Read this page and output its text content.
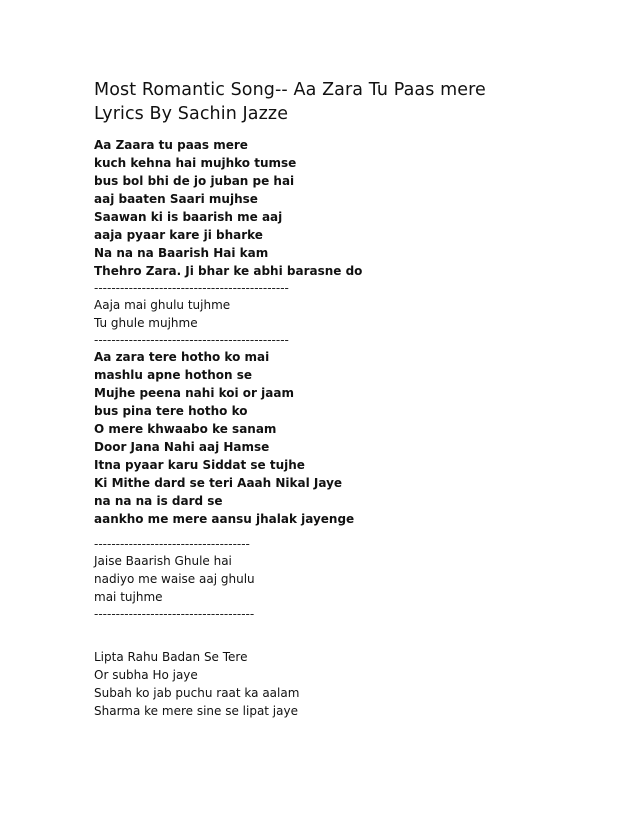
Most Romantic Song-- Aa Zara Tu Paas mere
Lyrics By Sachin Jazze
Aa Zaara tu paas mere
kuch kehna hai mujhko tumse
bus bol bhi de jo juban pe hai
aaj baaten Saari mujhse
Saawan ki is baarish me aaj
aaja pyaar kare ji bharke
Na na na Baarish Hai kam
Thehro Zara. Ji bhar ke abhi barasne do
---------------------------------------------
Aaja mai ghulu tujhme
Tu ghule mujhme
---------------------------------------------
Aa zara tere hotho ko mai
mashlu apne hothon se
Mujhe peena nahi koi or jaam
bus pina tere hotho ko
O mere khwaabo ke sanam
Door Jana Nahi aaj Hamse
Itna pyaar karu Siddat se tujhe
Ki Mithe dard se teri Aaah Nikal Jaye
na na na is dard se
aankho me mere aansu jhalak jayenge
------------------------------------
Jaise Baarish Ghule hai
nadiyo me waise aaj ghulu
mai tujhme
-------------------------------------
Lipta Rahu Badan Se Tere
Or subha Ho jaye
Subah ko jab puchu raat ka aalam
Sharma ke mere sine se lipat jaye
